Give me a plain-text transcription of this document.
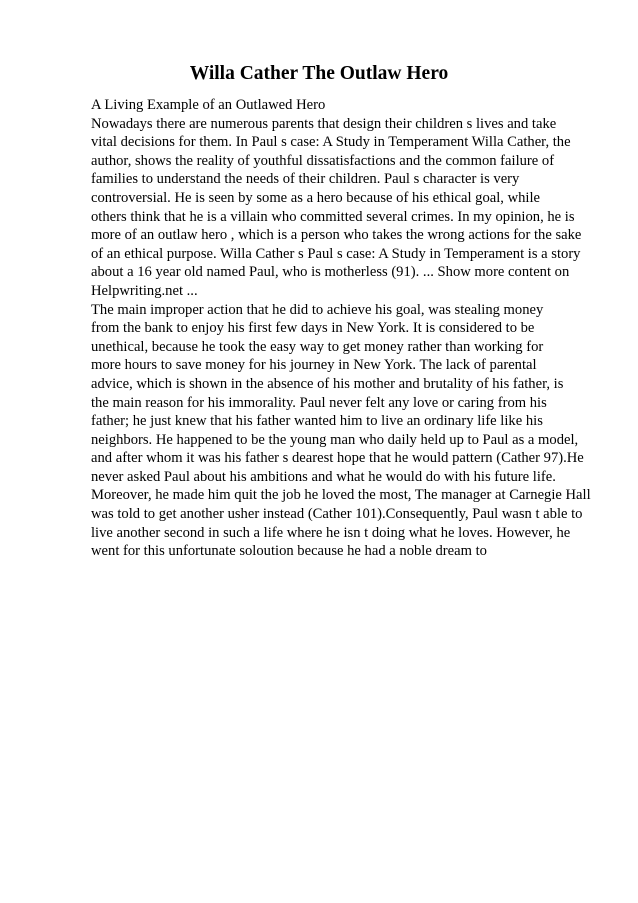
Willa Cather The Outlaw Hero
A Living Example of an Outlawed Hero
Nowadays there are numerous parents that design their children s lives and take
vital decisions for them. In Paul s case: A Study in Temperament Willa Cather, the
author, shows the reality of youthful dissatisfactions and the common failure of
families to understand the needs of their children. Paul s character is very
controversial. He is seen by some as a hero because of his ethical goal, while
others think that he is a villain who committed several crimes. In my opinion, he is
more of an outlaw hero , which is a person who takes the wrong actions for the sake
of an ethical purpose. Willa Cather s Paul s case: A Study in Temperament is a story
about a 16 year old named Paul, who is motherless (91). ... Show more content on
Helpwriting.net ...
The main improper action that he did to achieve his goal, was stealing money
from the bank to enjoy his first few days in New York. It is considered to be
unethical, because he took the easy way to get money rather than working for
more hours to save money for his journey in New York. The lack of parental
advice, which is shown in the absence of his mother and brutality of his father, is
the main reason for his immorality. Paul never felt any love or caring from his
father; he just knew that his father wanted him to live an ordinary life like his
neighbors. He happened to be the young man who daily held up to Paul as a model,
and after whom it was his father s dearest hope that he would pattern (Cather 97).He
never asked Paul about his ambitions and what he would do with his future life.
Moreover, he made him quit the job he loved the most, The manager at Carnegie Hall
was told to get another usher instead (Cather 101).Consequently, Paul wasn t able to
live another second in such a life where he isn t doing what he loves. However, he
went for this unfortunate soloution because he had a noble dream to
